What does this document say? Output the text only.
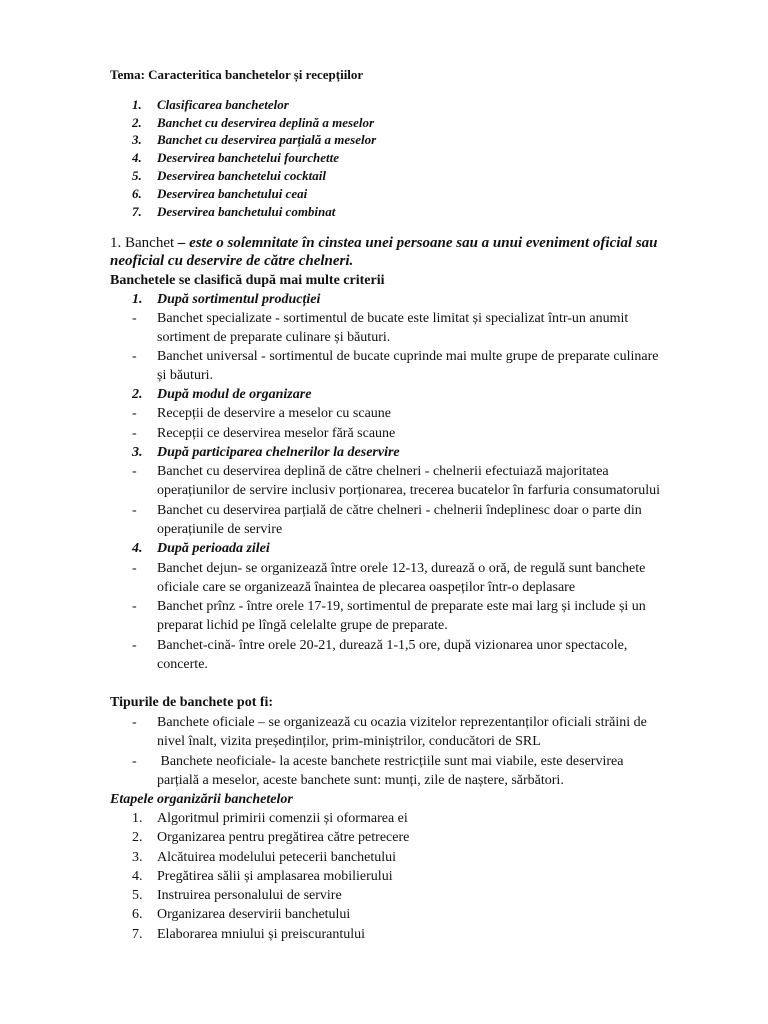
Tema: Caracteritica banchetelor și recepțiilor
1. Clasificarea banchetelor
2. Banchet cu deservirea deplină a meselor
3. Banchet cu deservirea parțială a meselor
4. Deservirea banchetelui fourchette
5. Deservirea banchetelui cocktail
6. Deservirea banchetului ceai
7. Deservirea banchetului combinat
1. Banchet – este o solemnitate în cinstea unei persoane sau a unui eveniment oficial sau
neoficial cu deservire de către chelneri.
Banchetele se clasifică după mai multe criterii
1. După sortimentul producției
- Banchet specializate - sortimentul de bucate este limitat și specializat într-un anumit
sortiment de preparate culinare și băuturi.
- Banchet universal - sortimentul de bucate cuprinde mai multe grupe de preparate culinare
și băuturi.
2. După modul de organizare
- Recepții de deservire a meselor cu scaune
- Recepții ce deservirea meselor fără scaune
3. După participarea chelnerilor la deservire
- Banchet cu deservirea deplină de către chelneri - chelnerii efectuiază majoritatea
operațiunilor de servire inclusiv porționarea, trecerea bucatelor în farfuria consumatorului
- Banchet cu deservirea parțială de către chelneri - chelnerii îndeplinesc doar o parte din
operațiunile de servire
4. După perioada zilei
- Banchet dejun- se organizează între orele 12-13, durează o oră, de regulă sunt banchete
oficiale care se organizează înaintea de plecarea oaspeților într-o deplasare
- Banchet prînz - între orele 17-19, sortimentul de preparate este mai larg și include și un
preparat lichid pe lîngă celelalte grupe de preparate.
- Banchet-cină- între orele 20-21, durează 1-1,5 ore, după vizionarea unor spectacole,
concerte.
Tipurile de banchete pot fi:
- Banchete oficiale – se organizează cu ocazia vizitelor reprezentanților oficiali străini de
nivel înalt, vizita președinților, prim-miniștrilor, conducători de SRL
- Banchete neoficiale- la aceste banchete restricțiile sunt mai viabile, este deservirea
parțială a meselor, aceste banchete sunt: munți, zile de naștere, sărbători.
Etapele organizării banchetelor
1. Algoritmul primirii comenzii și oformarea ei
2. Organizarea pentru pregătirea către petrecere
3. Alcătuirea modelului petecerii banchetului
4. Pregătirea sălii și amplasarea mobilierului
5. Instruirea personalului de servire
6. Organizarea deservirii banchetului
7. Elaborarea mniului și preiscurantului
